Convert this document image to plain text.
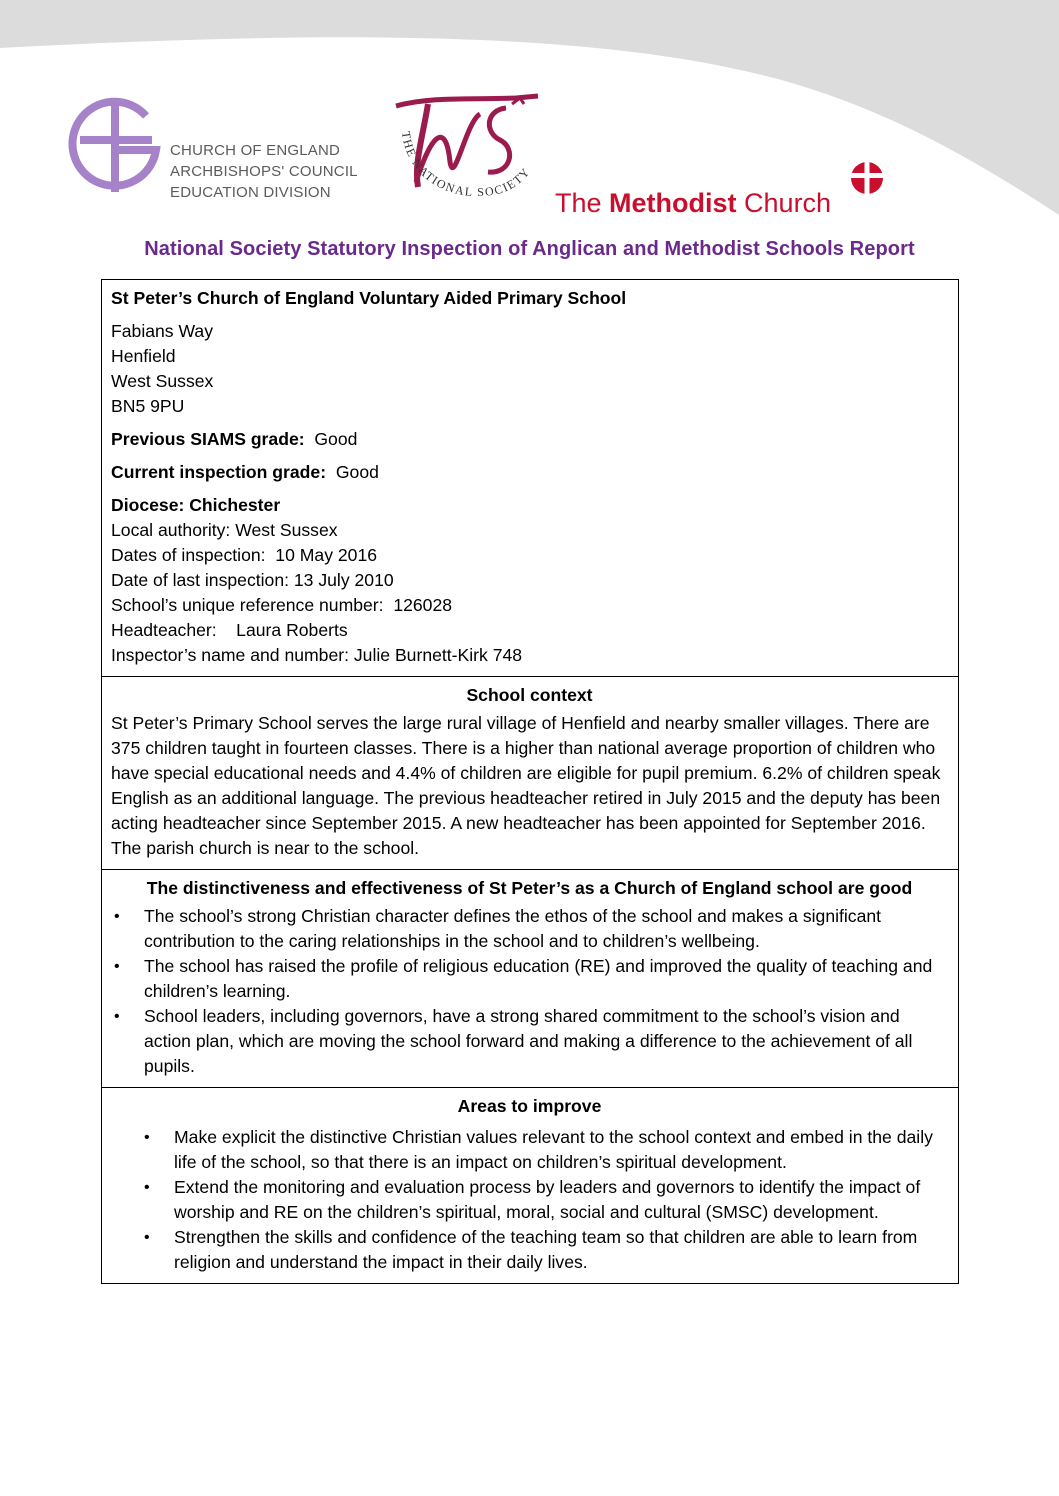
CHURCH OF ENGLAND
ARCHBISHOPS' COUNCIL
EDUCATION DIVISION
THE NATIONAL SOCIETY
The Methodist Church
National Society Statutory Inspection of Anglican and Methodist Schools Report
St Peter’s Church of England Voluntary Aided Primary School
Fabians Way
Henfield
West Sussex
BN5 9PU
Previous SIAMS grade: Good
Current inspection grade: Good
Diocese: Chichester
Local authority: West Sussex
Dates of inspection:  10 May 2016
Date of last inspection: 13 July 2010
School’s unique reference number:  126028
Headteacher:    Laura Roberts
Inspector’s name and number: Julie Burnett-Kirk 748
School context
St Peter’s Primary School serves the large rural village of Henfield and nearby smaller villages. There are 375 children taught in fourteen classes. There is a higher than national average proportion of children who have special educational needs and 4.4% of children are eligible for pupil premium. 6.2% of children speak English as an additional language. The previous headteacher retired in July 2015 and the deputy has been acting headteacher since September 2015. A new headteacher has been appointed for September 2016. The parish church is near to the school.
The distinctiveness and effectiveness of St Peter’s as a Church of England school are good
• The school’s strong Christian character defines the ethos of the school and makes a significant contribution to the caring relationships in the school and to children’s wellbeing.
• The school has raised the profile of religious education (RE) and improved the quality of teaching and children’s learning.
• School leaders, including governors, have a strong shared commitment to the school’s vision and action plan, which are moving the school forward and making a difference to the achievement of all pupils.
Areas to improve
• Make explicit the distinctive Christian values relevant to the school context and embed in the daily life of the school, so that there is an impact on children’s spiritual development.
• Extend the monitoring and evaluation process by leaders and governors to identify the impact of worship and RE on the children’s spiritual, moral, social and cultural (SMSC) development.
• Strengthen the skills and confidence of the teaching team so that children are able to learn from religion and understand the impact in their daily lives.
